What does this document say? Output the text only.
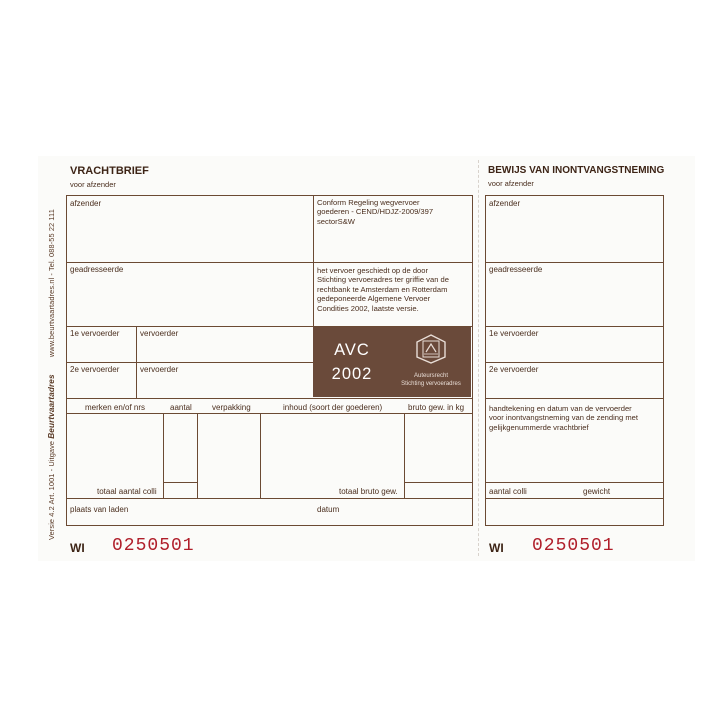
Versie 4.2 Art. 1001 - Uitgave Beurtvaartadres        www.beurtvaartadres.nl - Tel. 088-55 22 111
VRACHTBRIEF
voor afzender
afzender	Conform Regeling wegvervoer
goederen - CEND/HDJZ-2009/397
sectorS&W
geadresseerde	het vervoer geschiedt op de door
Stichting vervoeradres ter griffie van de
rechtbank te Amsterdam en Rotterdam
gedeponeerde Algemene Vervoer
Condities 2002, laatste versie.
1e vervoerder	vervoerder
2e vervoerder	vervoerder
AVC
2002	Auteursrecht
Stichting vervoeradres
merken en/of nrs	aantal	verpakking	inhoud (soort der goederen)	bruto gew. in kg
totaal aantal colli	totaal bruto gew.
plaats van laden	datum
WI 0250501
BEWIJS VAN INONTVANGSTNEMING
voor afzender
afzender
geadresseerde
1e vervoerder
2e vervoerder
handtekening en datum van de vervoerder
voor inontvangstneming van de zending met
gelijkgenummerde vrachtbrief
aantal colli	gewicht
WI 0250501
